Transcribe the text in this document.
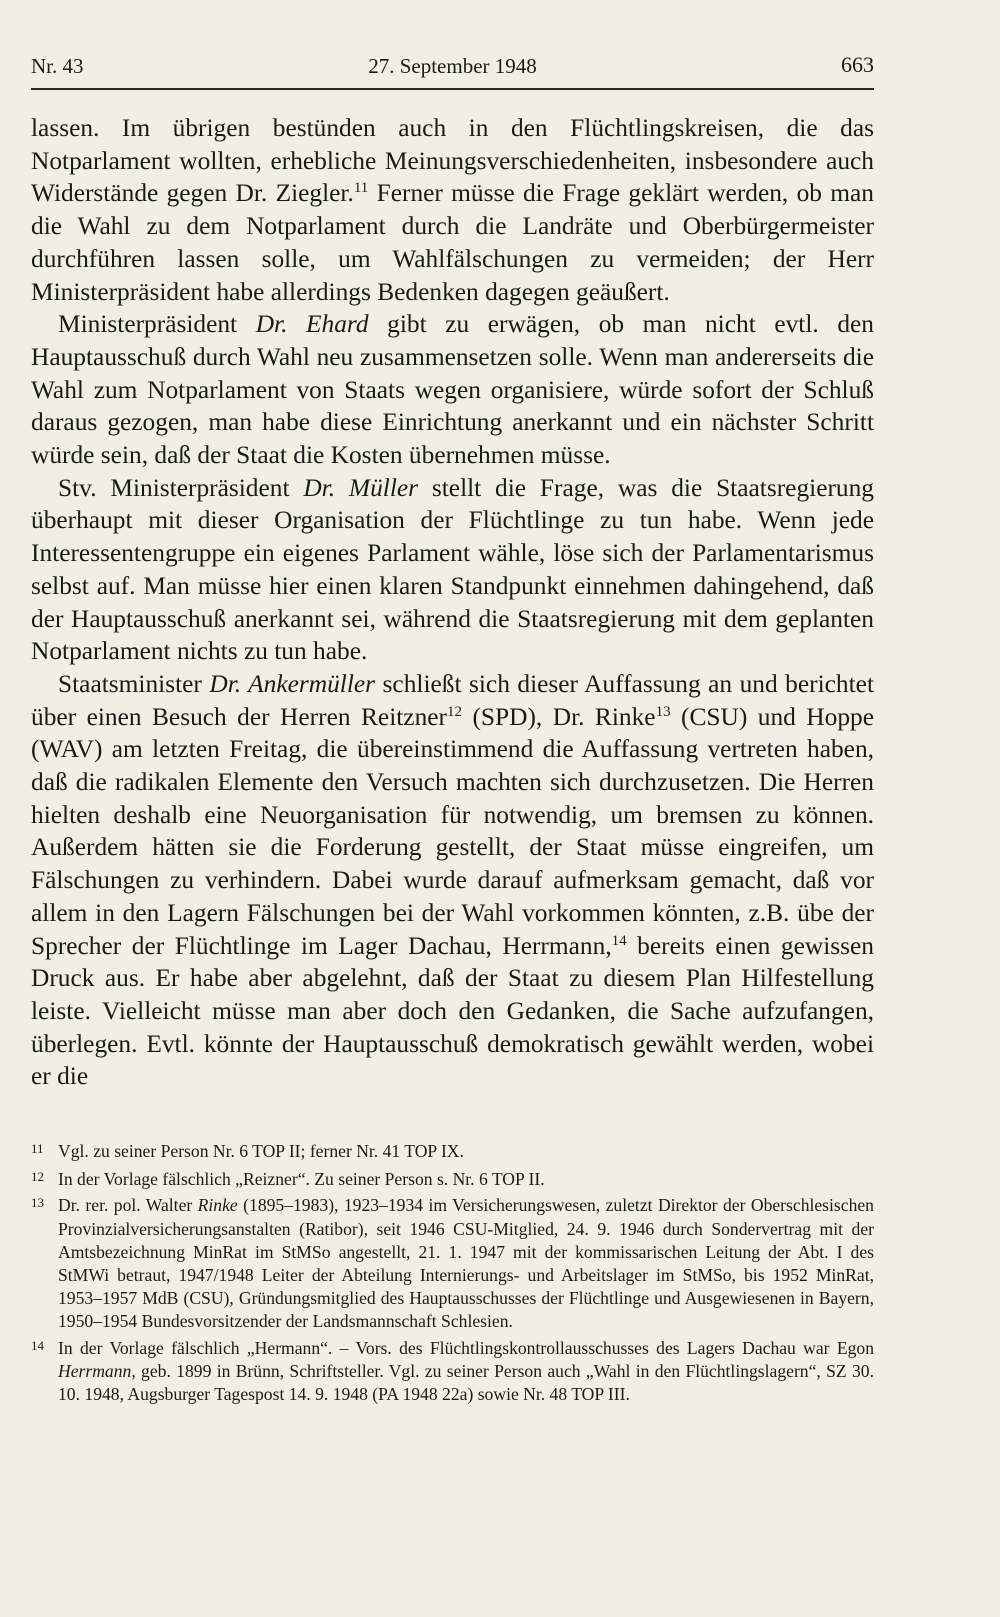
Nr. 43	27. September 1948	663

lassen. Im übrigen bestünden auch in den Flüchtlingskreisen, die das Notparlament wollten, erhebliche Meinungsverschiedenheiten, insbesondere auch Widerstände gegen Dr. Ziegler.$^{11}$ Ferner müsse die Frage geklärt werden, ob man die Wahl zu dem Notparlament durch die Landräte und Oberbürgermeister durchführen lassen solle, um Wahlfälschungen zu vermeiden; der Herr Ministerpräsident habe allerdings Bedenken dagegen geäußert.

Ministerpräsident Dr. Ehard gibt zu erwägen, ob man nicht evtl. den Hauptausschuß durch Wahl neu zusammensetzen solle. Wenn man andererseits die Wahl zum Notparlament von Staats wegen organisiere, würde sofort der Schluß daraus gezogen, man habe diese Einrichtung anerkannt und ein nächster Schritt würde sein, daß der Staat die Kosten übernehmen müsse.

Stv. Ministerpräsident Dr. Müller stellt die Frage, was die Staatsregierung überhaupt mit dieser Organisation der Flüchtlinge zu tun habe. Wenn jede Interessentengruppe ein eigenes Parlament wähle, löse sich der Parlamentarismus selbst auf. Man müsse hier einen klaren Standpunkt einnehmen dahingehend, daß der Hauptausschuß anerkannt sei, während die Staatsregierung mit dem geplanten Notparlament nichts zu tun habe.

Staatsminister Dr. Ankermüller schließt sich dieser Auffassung an und berichtet über einen Besuch der Herren Reitzner$^{12}$ (SPD), Dr. Rinke$^{13}$ (CSU) und Hoppe (WAV) am letzten Freitag, die übereinstimmend die Auffassung vertreten haben, daß die radikalen Elemente den Versuch machten sich durchzusetzen. Die Herren hielten deshalb eine Neuorganisation für notwendig, um bremsen zu können. Außerdem hätten sie die Forderung gestellt, der Staat müsse eingreifen, um Fälschungen zu verhindern. Dabei wurde darauf aufmerksam gemacht, daß vor allem in den Lagern Fälschungen bei der Wahl vorkommen könnten, z.B. übe der Sprecher der Flüchtlinge im Lager Dachau, Herrmann,$^{14}$ bereits einen gewissen Druck aus. Er habe aber abgelehnt, daß der Staat zu diesem Plan Hilfestellung leiste. Vielleicht müsse man aber doch den Gedanken, die Sache aufzufangen, überlegen. Evtl. könnte der Hauptausschuß demokratisch gewählt werden, wobei er die

11 Vgl. zu seiner Person Nr. 6 TOP II; ferner Nr. 41 TOP IX.
12 In der Vorlage fälschlich „Reizner“. Zu seiner Person s. Nr. 6 TOP II.
13 Dr. rer. pol. Walter Rinke (1895–1983), 1923–1934 im Versicherungswesen, zuletzt Direktor der Oberschlesischen Provinzialversicherungsanstalten (Ratibor), seit 1946 CSU-Mitglied, 24. 9. 1946 durch Sondervertrag mit der Amtsbezeichnung MinRat im StMSo angestellt, 21. 1. 1947 mit der kommissarischen Leitung der Abt. I des StMWi betraut, 1947/1948 Leiter der Abteilung Internierungs- und Arbeitslager im StMSo, bis 1952 MinRat, 1953–1957 MdB (CSU), Gründungsmitglied des Hauptausschusses der Flüchtlinge und Ausgewiesenen in Bayern, 1950–1954 Bundesvorsitzender der Landsmannschaft Schlesien.
14 In der Vorlage fälschlich „Hermann“. – Vors. des Flüchtlingskontrollausschusses des Lagers Dachau war Egon Herrmann, geb. 1899 in Brünn, Schriftsteller. Vgl. zu seiner Person auch „Wahl in den Flüchtlingslagern“, SZ 30. 10. 1948, Augsburger Tagespost 14. 9. 1948 (PA 1948 22a) sowie Nr. 48 TOP III.
